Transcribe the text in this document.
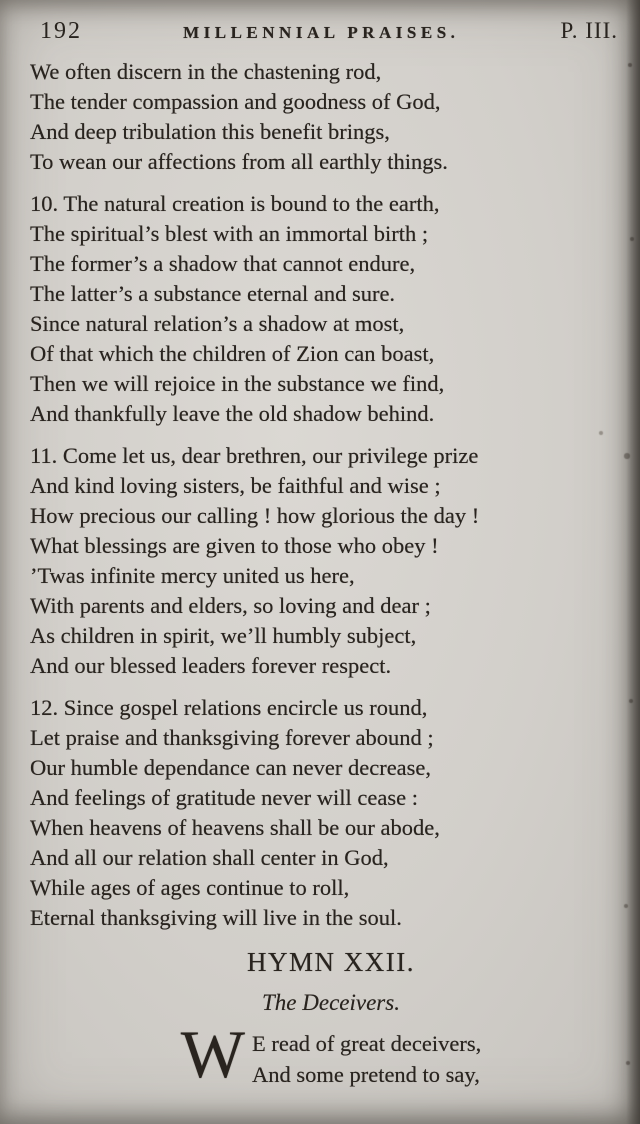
192	MILLENNIAL PRAISES.	P. III.
We often discern in the chastening rod,
The tender compassion and goodness of God,
And deep tribulation this benefit brings,
To wean our affections from all earthly things.
10. The natural creation is bound to the earth,
The spiritual’s blest with an immortal birth ;
The former’s a shadow that cannot endure,
The latter’s a substance eternal and sure.
Since natural relation’s a shadow at most,
Of that which the children of Zion can boast,
Then we will rejoice in the substance we find,
And thankfully leave the old shadow behind.
11. Come let us, dear brethren, our privilege prize
And kind loving sisters, be faithful and wise ;
How precious our calling ! how glorious the day !
What blessings are given to those who obey !
’Twas infinite mercy united us here,
With parents and elders, so loving and dear ;
As children in spirit, we’ll humbly subject,
And our blessed leaders forever respect.
12. Since gospel relations encircle us round,
Let praise and thanksgiving forever abound ;
Our humble dependance can never decrease,
And feelings of gratitude never will cease :
When heavens of heavens shall be our abode,
And all our relation shall center in God,
While ages of ages continue to roll,
Eternal thanksgiving will live in the soul.
HYMN XXII.
The Deceivers.
W E read of great deceivers,
And some pretend to say,
